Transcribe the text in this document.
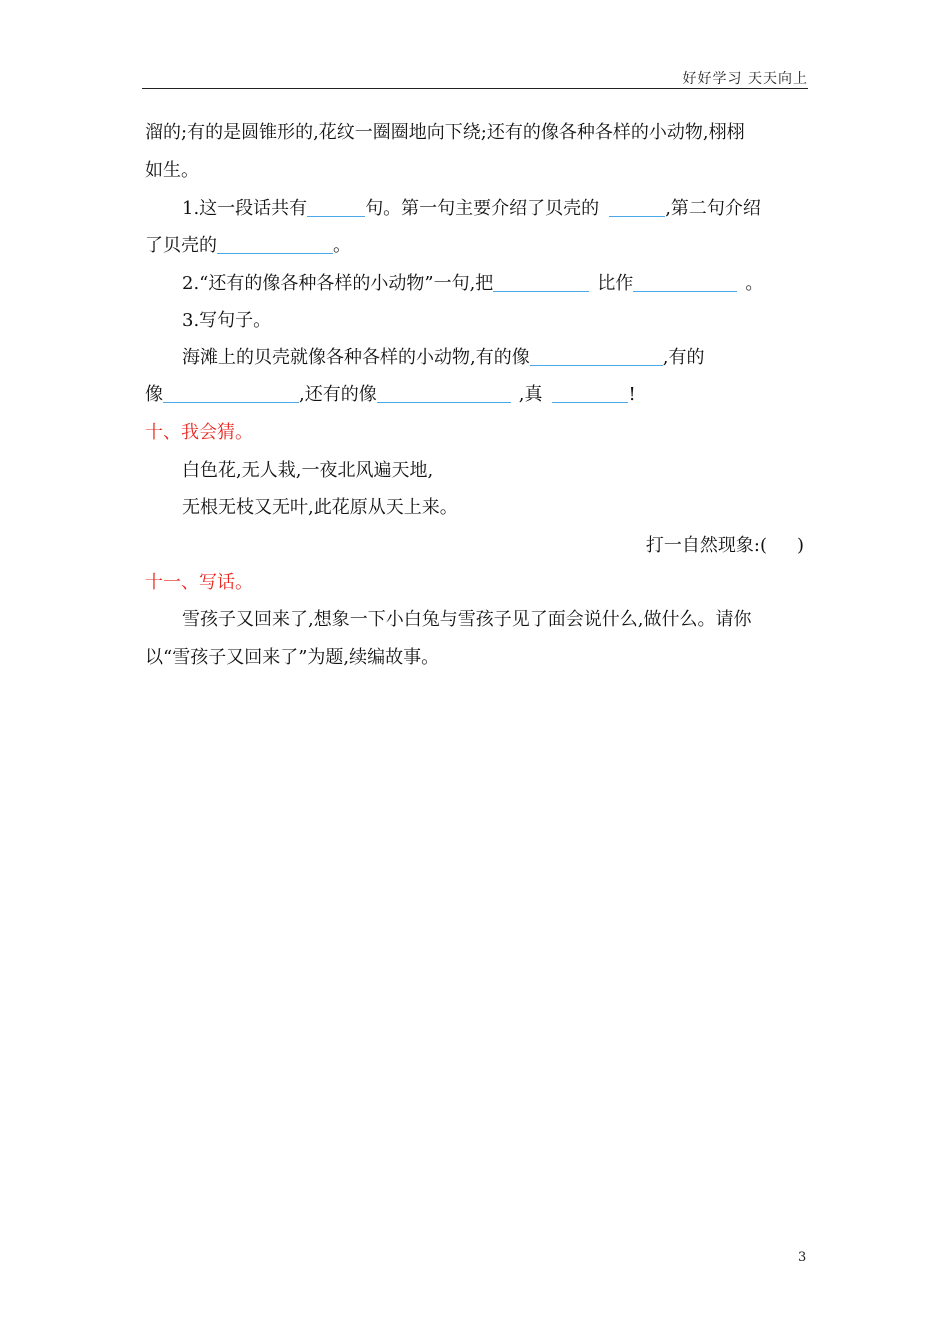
好好学习 天天向上
溜的;有的是圆锥形的,花纹一圈圈地向下绕;还有的像各种各样的小动物,栩栩
如生。
1.这一段话共有	句。第一句主要介绍了贝壳的	,第二句介绍
了贝壳的	。
2.“还有的像各种各样的小动物”一句,把	比作	。
3.写句子。
海滩上的贝壳就像各种各样的小动物,有的像	,有的
像	,还有的像	,真	!
十、我会猜。
白色花,无人栽,一夜北风遍天地,
无根无枝又无叶,此花原从天上来。
打一自然现象:( )
十一、写话。
雪孩子又回来了,想象一下小白兔与雪孩子见了面会说什么,做什么。请你
以“雪孩子又回来了”为题,续编故事。
3
